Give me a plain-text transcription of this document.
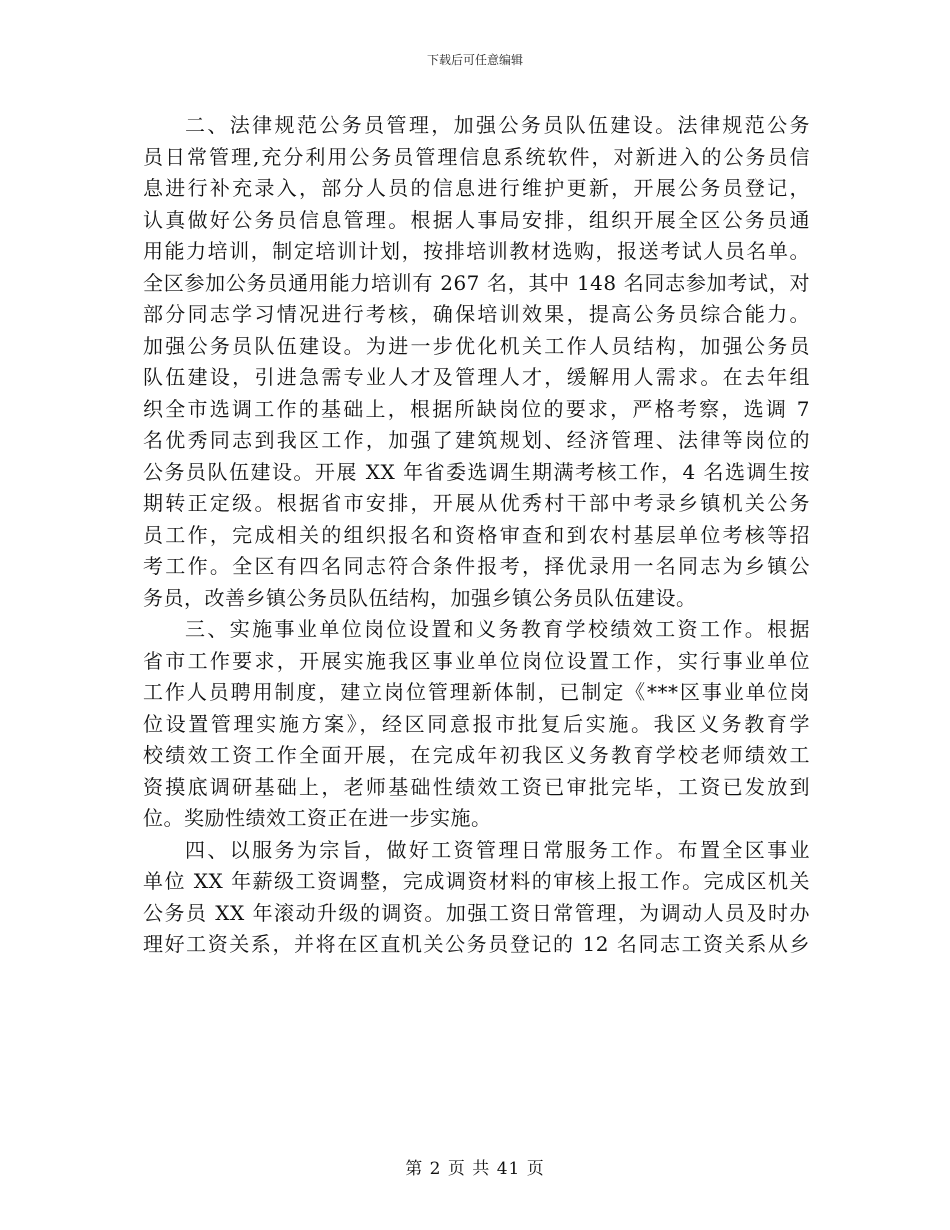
下载后可任意编辑
二、法律规范公务员管理，加强公务员队伍建设。法律规范公务
员日常管理,充分利用公务员管理信息系统软件，对新进入的公务员信
息进行补充录入，部分人员的信息进行维护更新，开展公务员登记，
认真做好公务员信息管理。根据人事局安排，组织开展全区公务员通
用能力培训，制定培训计划，按排培训教材选购，报送考试人员名单。
全区参加公务员通用能力培训有 267 名，其中 148 名同志参加考试，对
部分同志学习情况进行考核，确保培训效果，提高公务员综合能力。
加强公务员队伍建设。为进一步优化机关工作人员结构，加强公务员
队伍建设，引进急需专业人才及管理人才，缓解用人需求。在去年组
织全市选调工作的基础上，根据所缺岗位的要求，严格考察，选调 7
名优秀同志到我区工作，加强了建筑规划、经济管理、法律等岗位的
公务员队伍建设。开展 XX 年省委选调生期满考核工作，4 名选调生按
期转正定级。根据省市安排，开展从优秀村干部中考录乡镇机关公务
员工作，完成相关的组织报名和资格审查和到农村基层单位考核等招
考工作。全区有四名同志符合条件报考，择优录用一名同志为乡镇公
务员，改善乡镇公务员队伍结构，加强乡镇公务员队伍建设。
三、实施事业单位岗位设置和义务教育学校绩效工资工作。根据
省市工作要求，开展实施我区事业单位岗位设置工作，实行事业单位
工作人员聘用制度，建立岗位管理新体制，已制定《***区事业单位岗
位设置管理实施方案》，经区同意报市批复后实施。我区义务教育学
校绩效工资工作全面开展，在完成年初我区义务教育学校老师绩效工
资摸底调研基础上，老师基础性绩效工资已审批完毕，工资已发放到
位。奖励性绩效工资正在进一步实施。
四、以服务为宗旨，做好工资管理日常服务工作。布置全区事业
单位 XX 年薪级工资调整，完成调资材料的审核上报工作。完成区机关
公务员 XX 年滚动升级的调资。加强工资日常管理，为调动人员及时办
理好工资关系，并将在区直机关公务员登记的 12 名同志工资关系从乡
第 2 页 共 41 页
